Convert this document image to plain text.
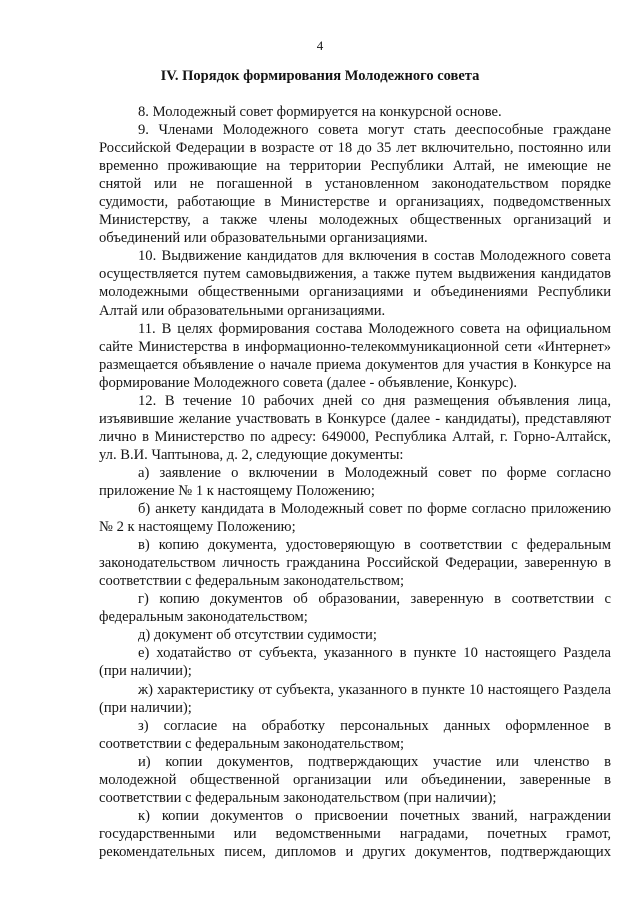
4
IV. Порядок формирования Молодежного совета

8. Молодежный совет формируется на конкурсной основе.

9. Членами Молодежного совета могут стать дееспособные граждане Российской Федерации в возрасте от 18 до 35 лет включительно, постоянно или временно проживающие на территории Республики Алтай, не имеющие не снятой или не погашенной в установленном законодательством порядке судимости, работающие в Министерстве и организациях, подведомственных Министерству, а также члены молодежных общественных организаций и объединений или образовательными организациями.

10. Выдвижение кандидатов для включения в состав Молодежного совета осуществляется путем самовыдвижения, а также путем выдвижения кандидатов молодежными общественными организациями и объединениями Республики Алтай или образовательными организациями.

11. В целях формирования состава Молодежного совета на официальном сайте Министерства в информационно-телекоммуникационной сети «Интернет» размещается объявление о начале приема документов для участия в Конкурсе на формирование Молодежного совета (далее - объявление, Конкурс).

12. В течение 10 рабочих дней со дня размещения объявления лица, изъявившие желание участвовать в Конкурсе (далее - кандидаты), представляют лично в Министерство по адресу: 649000, Республика Алтай, г. Горно-Алтайск, ул. В.И. Чаптынова, д. 2, следующие документы:

а) заявление о включении в Молодежный совет по форме согласно приложение № 1 к настоящему Положению;

б) анкету кандидата в Молодежный совет по форме согласно приложению № 2 к настоящему Положению;

в) копию документа, удостоверяющую в соответствии с федеральным законодательством личность гражданина Российской Федерации, заверенную в соответствии с федеральным законодательством;

г) копию документов об образовании, заверенную в соответствии с федеральным законодательством;

д) документ об отсутствии судимости;

е) ходатайство от субъекта, указанного в пункте 10 настоящего Раздела (при наличии);

ж) характеристику от субъекта, указанного в пункте 10 настоящего Раздела (при наличии);

з) согласие на обработку персональных данных оформленное в соответствии с федеральным законодательством;

и) копии документов, подтверждающих участие или членство в молодежной общественной организации или объединении, заверенные в соответствии с федеральным законодательством (при наличии);

к) копии документов о присвоении почетных званий, награждении государственными или ведомственными наградами, почетных грамот, рекомендательных писем, дипломов и других документов, подтверждающих
